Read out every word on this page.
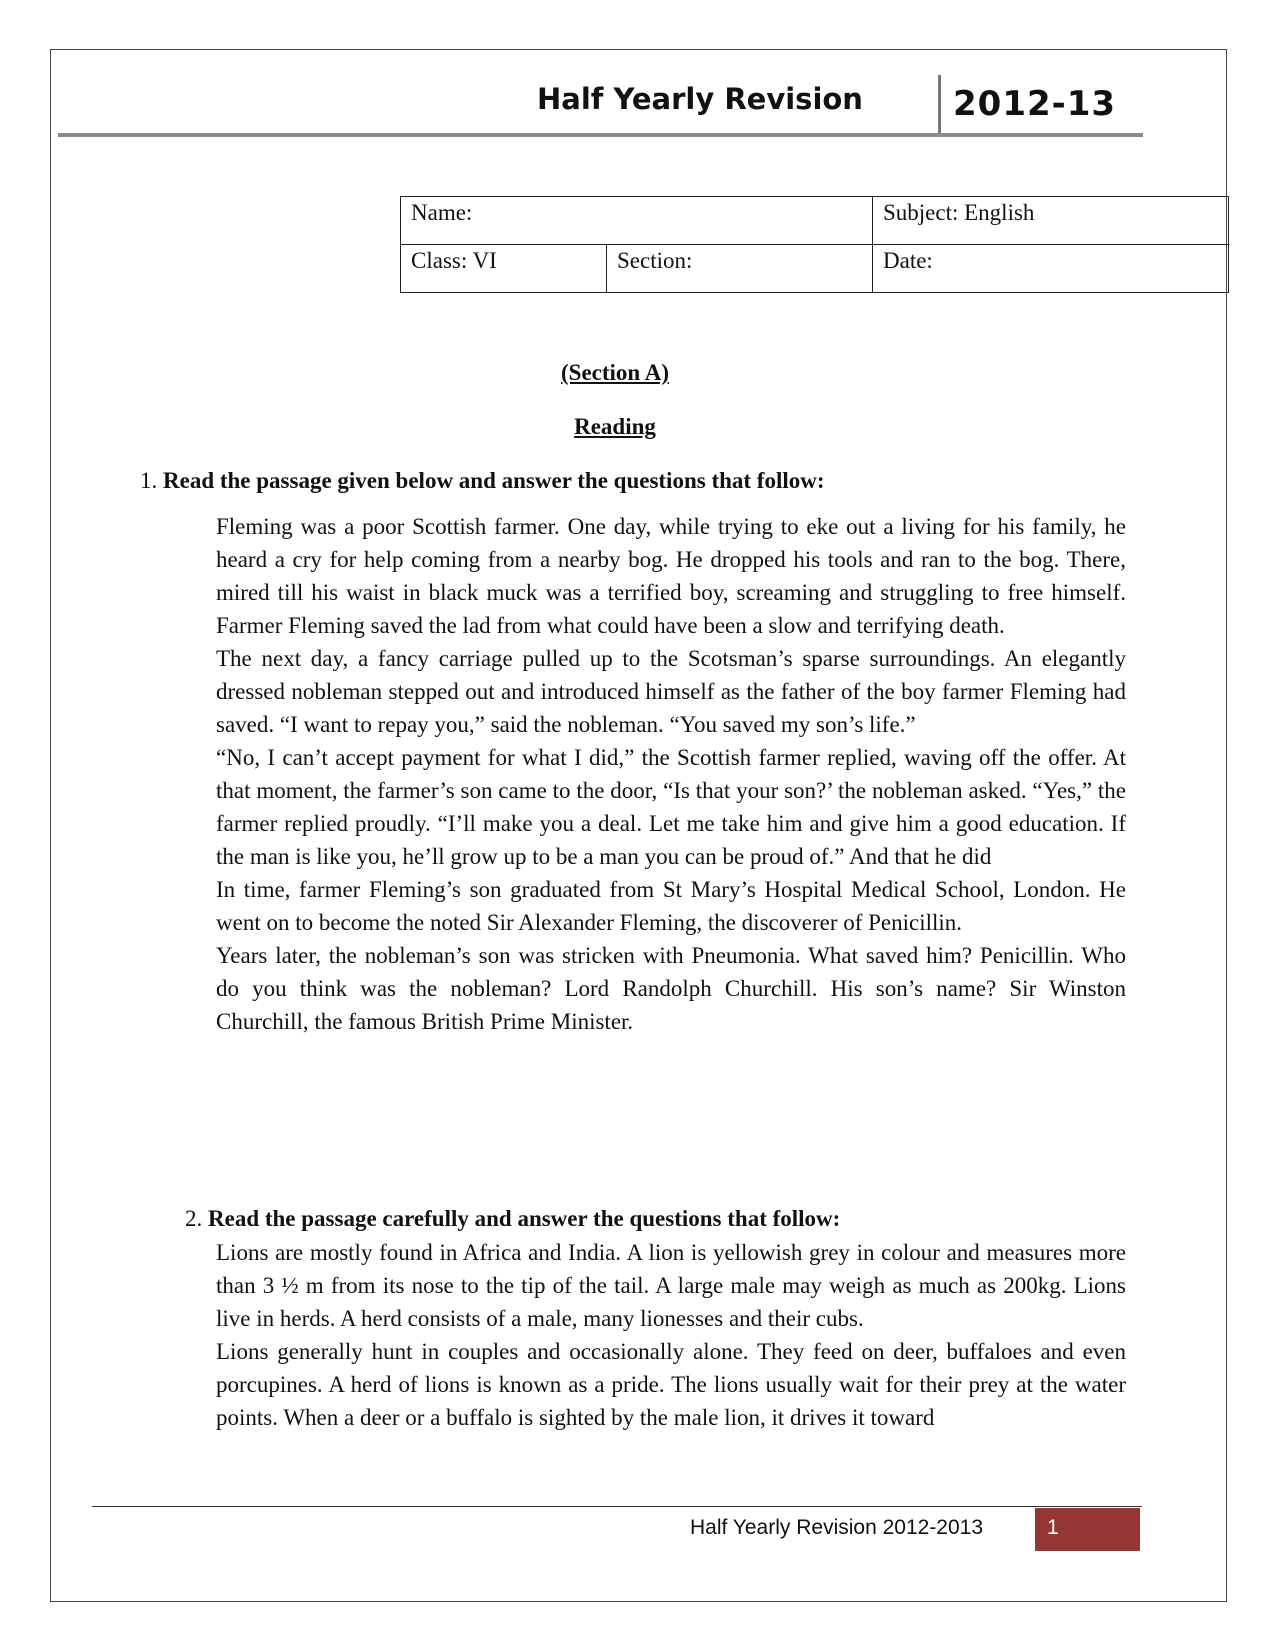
Half Yearly Revision	2012-13
Name:		Subject: English
Class: VI	Section:	Date:
(Section A)
Reading
1. Read the passage given below and answer the questions that follow:

Fleming was a poor Scottish farmer. One day, while trying to eke out a living for his family, he heard a cry for help coming from a nearby bog. He dropped his tools and ran to the bog. There, mired till his waist in black muck was a terrified boy, screaming and struggling to free himself. Farmer Fleming saved the lad from what could have been a slow and terrifying death.

The next day, a fancy carriage pulled up to the Scotsman’s sparse surroundings. An elegantly dressed nobleman stepped out and introduced himself as the father of the boy farmer Fleming had saved. “I want to repay you,” said the nobleman. “You saved my son’s life.”

“No, I can’t accept payment for what I did,” the Scottish farmer replied, waving off the offer. At that moment, the farmer’s son came to the door, “Is that your son?’ the nobleman asked. “Yes,” the farmer replied proudly. “I’ll make you a deal. Let me take him and give him a good education. If the man is like you, he’ll grow up to be a man you can be proud of.” And that he did

In time, farmer Fleming’s son graduated from St Mary’s Hospital Medical School, London. He went on to become the noted Sir Alexander Fleming, the discoverer of Penicillin.

Years later, the nobleman’s son was stricken with Pneumonia. What saved him? Penicillin. Who do you think was the nobleman? Lord Randolph Churchill. His son’s name? Sir Winston Churchill, the famous British Prime Minister.

2. Read the passage carefully and answer the questions that follow:

Lions are mostly found in Africa and India. A lion is yellowish grey in colour and measures more than 3 ½ m from its nose to the tip of the tail. A large male may weigh as much as 200kg. Lions live in herds. A herd consists of a male, many lionesses and their cubs.

Lions generally hunt in couples and occasionally alone. They feed on deer, buffaloes and even porcupines. A herd of lions is known as a pride. The lions usually wait for their prey at the water points. When a deer or a buffalo is sighted by the male lion, it drives it toward

Half Yearly Revision 2012-2013	1
